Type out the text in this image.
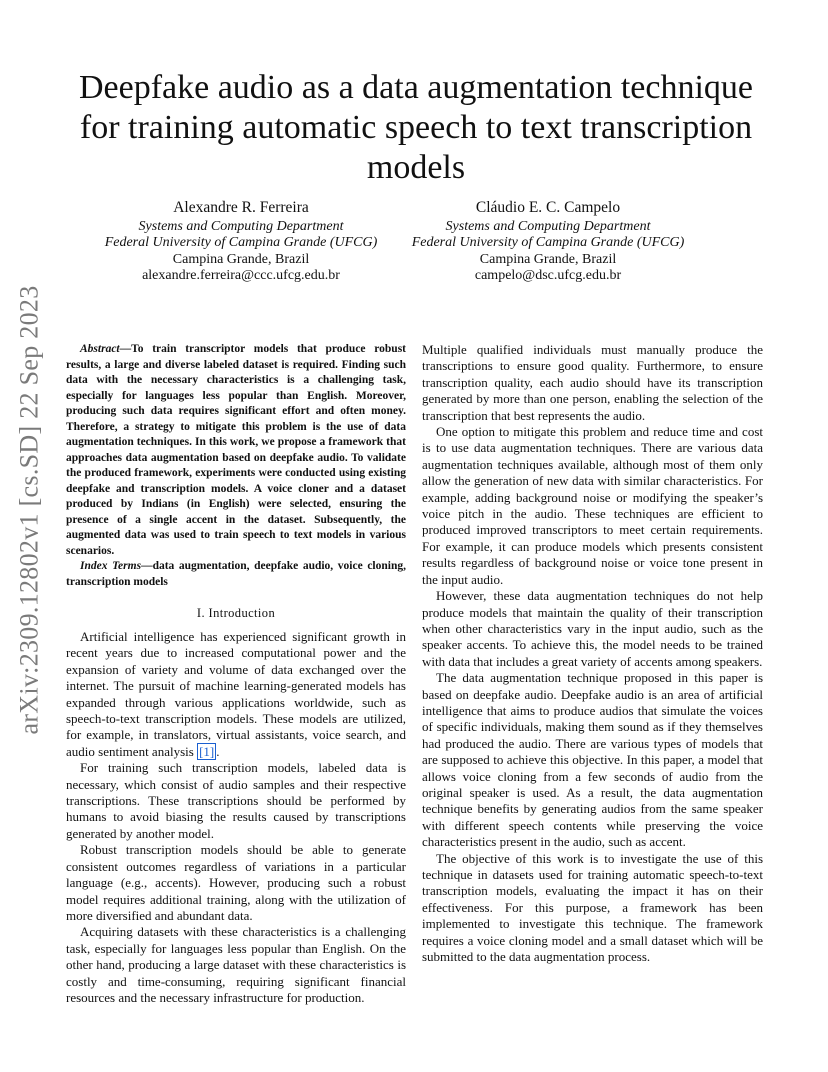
arXiv:2309.12802v1 [cs.SD] 22 Sep 2023
Deepfake audio as a data augmentation technique for training automatic speech to text transcription models
Alexandre R. Ferreira
Systems and Computing Department
Federal University of Campina Grande (UFCG)
Campina Grande, Brazil
alexandre.ferreira@ccc.ufcg.edu.br
Cláudio E. C. Campelo
Systems and Computing Department
Federal University of Campina Grande (UFCG)
Campina Grande, Brazil
campelo@dsc.ufcg.edu.br

Abstract—To train transcriptor models that produce robust results, a large and diverse labeled dataset is required. Finding such data with the necessary characteristics is a challenging task, especially for languages less popular than English. Moreover, producing such data requires significant effort and often money. Therefore, a strategy to mitigate this problem is the use of data augmentation techniques. In this work, we propose a framework that approaches data augmentation based on deepfake audio. To validate the produced framework, experiments were conducted using existing deepfake and transcription models. A voice cloner and a dataset produced by Indians (in English) were selected, ensuring the presence of a single accent in the dataset. Subsequently, the augmented data was used to train speech to text models in various scenarios.

Index Terms—data augmentation, deepfake audio, voice cloning, transcription models

I. Introduction

Artificial intelligence has experienced significant growth in recent years due to increased computational power and the expansion of variety and volume of data exchanged over the internet. The pursuit of machine learning-generated models has expanded through various applications worldwide, such as speech-to-text transcription models. These models are utilized, for example, in translators, virtual assistants, voice search, and audio sentiment analysis [1] .

For training such transcription models, labeled data is necessary, which consist of audio samples and their respective transcriptions. These transcriptions should be performed by humans to avoid biasing the results caused by transcriptions generated by another model.

Robust transcription models should be able to generate consistent outcomes regardless of variations in a particular language (e.g., accents). However, producing such a robust model requires additional training, along with the utilization of more diversified and abundant data.

Acquiring datasets with these characteristics is a challenging task, especially for languages less popular than English. On the other hand, producing a large dataset with these characteristics is costly and time-consuming, requiring significant financial resources and the necessary infrastructure for production.

Multiple qualified individuals must manually produce the transcriptions to ensure good quality. Furthermore, to ensure transcription quality, each audio should have its transcription generated by more than one person, enabling the selection of the transcription that best represents the audio.

One option to mitigate this problem and reduce time and cost is to use data augmentation techniques. There are various data augmentation techniques available, although most of them only allow the generation of new data with similar characteristics. For example, adding background noise or modifying the speaker’s voice pitch in the audio. These techniques are efficient to produced improved transcriptors to meet certain requirements. For example, it can produce models which presents consistent results regardless of background noise or voice tone present in the input audio.

However, these data augmentation techniques do not help produce models that maintain the quality of their transcription when other characteristics vary in the input audio, such as the speaker accents. To achieve this, the model needs to be trained with data that includes a great variety of accents among speakers.

The data augmentation technique proposed in this paper is based on deepfake audio. Deepfake audio is an area of artificial intelligence that aims to produce audios that simulate the voices of specific individuals, making them sound as if they themselves had produced the audio. There are various types of models that are supposed to achieve this objective. In this paper, a model that allows voice cloning from a few seconds of audio from the original speaker is used. As a result, the data augmentation technique benefits by generating audios from the same speaker with different speech contents while preserving the voice characteristics present in the audio, such as accent.

The objective of this work is to investigate the use of this technique in datasets used for training automatic speech-to-text transcription models, evaluating the impact it has on their effectiveness. For this purpose, a framework has been implemented to investigate this technique. The framework requires a voice cloning model and a small dataset which will be submitted to the data augmentation process.
